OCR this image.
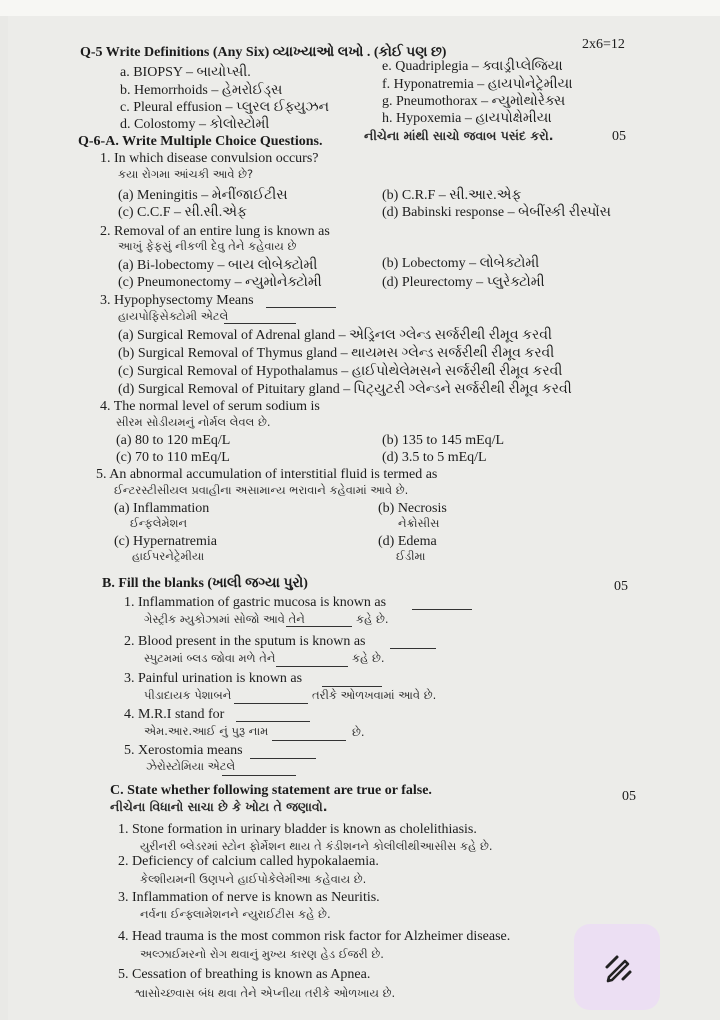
Q-5 Write Definitions (Any Six) વ્યાખ્યાઓ લખો . (કોઈ પણ છ)
2x6=12
a. BIOPSY – બાયોપ્સી.
b. Hemorrhoids – હેમરોઈડ્સ
c. Pleural effusion – પ્લુરલ ઈફ્યુઝન
d. Colostomy – કોલોસ્ટોમી
e. Quadriplegia – ક્વાડ્રીપ્લેજિયા
f. Hyponatremia – હાયપોનેટ્રેમીયા
g. Pneumothorax – ન્યુમોથોરેક્સ
h. Hypoxemia – હાયપોક્ષેમીયા
Q-6-A. Write Multiple Choice Questions.	નીચેના માંથી સાચો જવાબ પસંદ કરો.	05
1. In which disease convulsion occurs?
કયા રોગમા આંચકી આવે છે?
(a) Meningitis – મેનીંજાઈટીસ	(b) C.R.F – સી.આર.એફ
(c) C.C.F – સી.સી.એફ	(d) Babinski response – બેબીંસ્કી રીસ્પોંસ
2. Removal of an entire lung is known as
આખું ફેફસું નીકળી દેવુ તેને કહેવાય છે
(a) Bi-lobectomy – બાય લોબેક્ટોમી	(b) Lobectomy – લોબેક્ટોમી
(c) Pneumonectomy – ન્યુમોનેક્ટોમી	(d) Pleurectomy – પ્લુરેક્ટોમી
3. Hypophysectomy Means
હાયપોફિસેક્ટોમી એટલે
(a) Surgical Removal of Adrenal gland – એડ્રિનલ ગ્લેન્ડ સર્જરીથી રીમૂવ કરવી
(b) Surgical Removal of Thymus gland – થાયમસ ગ્લેન્ડ સર્જરીથી રીમૂવ કરવી
(c) Surgical Removal of Hypothalamus – હાઈપોથેલેમસને સર્જરીથી રીમૂવ કરવી
(d) Surgical Removal of Pituitary gland – પિટ્યુટરી ગ્લેન્ડને સર્જરીથી રીમૂવ કરવી
4. The normal level of serum sodium is
સીરમ સોડીયમનું નોર્મલ લેવલ છે.
(a) 80 to 120 mEq/L	(b) 135 to 145 mEq/L
(c) 70 to 110 mEq/L	(d) 3.5 to 5 mEq/L
5. An abnormal accumulation of interstitial fluid is termed as
ઈન્ટરસ્ટીસીયલ પ્રવાહીના અસામાન્ય ભરાવાને કહેવામાં આવે છે.
(a) Inflammation	(b) Necrosis
ઈન્ફલેમેશન	નેક્રોસીસ
(c) Hypernatremia	(d) Edema
હાઈપરનેટ્રેમીયા	ઈડીમા
B. Fill the blanks (ખાલી જગ્યા પુરો)	05
1. Inflammation of gastric mucosa is known as
ગેસ્ટ્રીક મ્યુકોઝામાં સોજો આવે તેને	કહે છે.
2. Blood present in the sputum is known as
સ્પુટમમાં બ્લડ જોવા મળે તેને	કહે છે.
3. Painful urination is known as
પીડાદાયક પેશાબને	તરીકે ઓળખવામાં આવે છે.
4. M.R.I stand for
એમ.આર.આઈ નું પુરૂ નામ	છે.
5. Xerostomia means
ઝેરોસ્ટોમિયા એટલે
C. State whether following statement are true or false.
નીચેના વિધાનો સાચા છે કે ખોટા તે જણાવો.
05
1. Stone formation in urinary bladder is known as cholelithiasis.
યુરીનરી બ્લેડરમાં સ્ટોન ફોર્મેશન થાય તે કંડીશનને કોલીલીથીઆસીસ કહે છે.
2. Deficiency of calcium called hypokalaemia.
કેલ્શીયમની ઉણપને હાઈપોકેલેમીઆ કહેવાય છે.
3. Inflammation of nerve is known as Neuritis.
નર્વના ઈન્ફ્લામેશનને ન્યુરાઈટીસ કહે છે.
4. Head trauma is the most common risk factor for Alzheimer disease.
અલ્ઝાઈમરનો રોગ થવાનું મુખ્ય કારણ હેડ ઈજરી છે.
5. Cessation of breathing is known as Apnea.
શ્વાસોચ્છવાસ બંધ થવા તેને એપ્નીયા તરીકે ઓળખાય છે.
